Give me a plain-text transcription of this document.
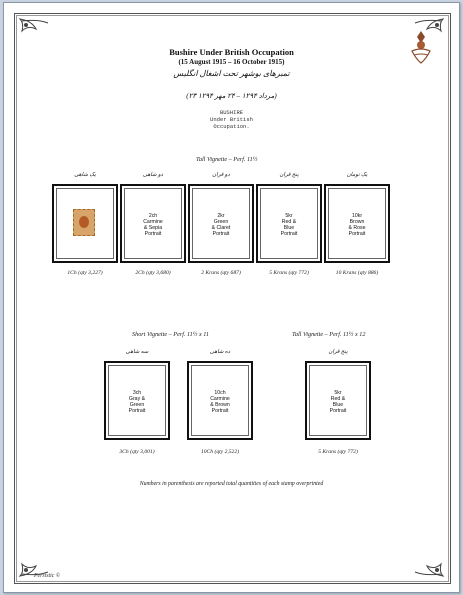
Bushire Under British Occupation
(15 August 1915 – 16 October 1915)
تمبرهای بوشهر تحت اشغال انگلیس
(۲۳ مرداد ۱۲۹۴ – ۲۴ مهر ۱۲۹۴)
BUSHIRE
Under British
Occupation.
Tall Vignette – Perf. 11½
یک شاهی	دو شاهی	دو قران	پنج قران	یک تومان
2ch
Carmine
& Sepia
Portrait
2kr
Green
& Claret
Portrait
5kr
Red &
Blue
Portrait
10kr
Brown
& Rose
Portrait
1Ch (qty 3,227)	2Ch (qty 3,680)	2 Krans (qty 687)	5 Krans (qty 772)	10 Krans (qty 886)
Short Vignette – Perf. 11½ x 11	Tall Vignette – Perf. 11½ x 12
سه شاهی	ده شاهی	پنج قران
3ch
Gray &
Green
Portrait
10ch
Carmine
& Brown
Portrait
5kr
Red &
Blue
Portrait
3Ch (qty 3,001)	10Ch (qty 2,522)	5 Krans (qty 772)
Numbers in parenthesis are reported total quantities of each stamp overprinted
Persistic ©
